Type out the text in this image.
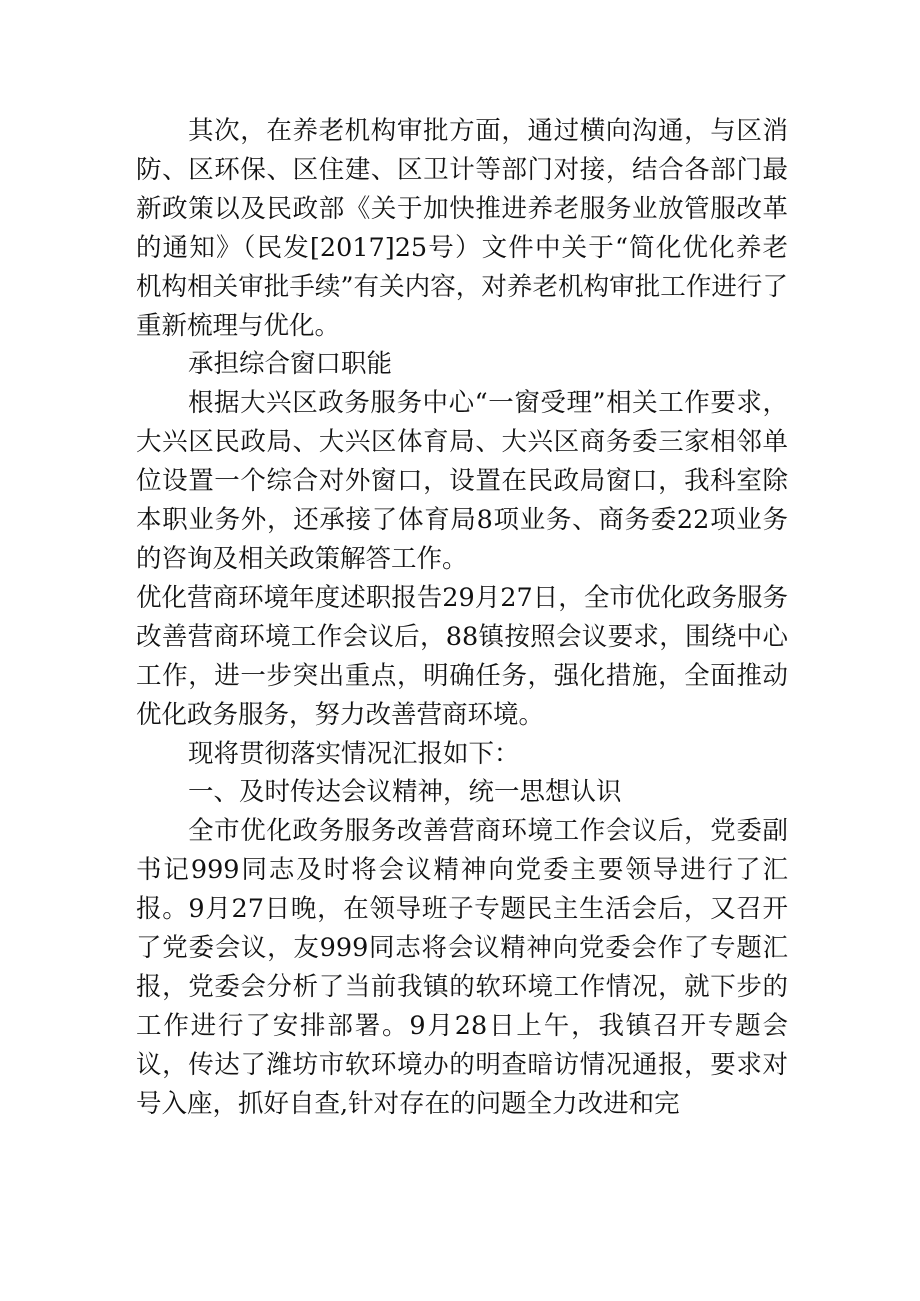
其次，在养老机构审批方面，通过横向沟通，与区消防、区环保、区住建、区卫计等部门对接，结合各部门最新政策以及民政部《关于加快推进养老服务业放管服改革的通知》（民发[2017]25号）文件中关于“简化优化养老机构相关审批手续”有关内容，对养老机构审批工作进行了重新梳理与优化。

承担综合窗口职能

根据大兴区政务服务中心“一窗受理”相关工作要求，大兴区民政局、大兴区体育局、大兴区商务委三家相邻单位设置一个综合对外窗口，设置在民政局窗口，我科室除本职业务外，还承接了体育局8项业务、商务委22项业务的咨询及相关政策解答工作。

优化营商环境年度述职报告29月27日，全市优化政务服务改善营商环境工作会议后，88镇按照会议要求，围绕中心工作，进一步突出重点，明确任务，强化措施，全面推动优化政务服务，努力改善营商环境。

现将贯彻落实情况汇报如下：

一、及时传达会议精神，统一思想认识

全市优化政务服务改善营商环境工作会议后，党委副书记999同志及时将会议精神向党委主要领导进行了汇报。9月27日晚，在领导班子专题民主生活会后，又召开了党委会议，友999同志将会议精神向党委会作了专题汇报，党委会分析了当前我镇的软环境工作情况，就下步的工作进行了安排部署。9月28日上午，我镇召开专题会议，传达了潍坊市软环境办的明查暗访情况通报，要求对号入座，抓好自查,针对存在的问题全力改进和完
